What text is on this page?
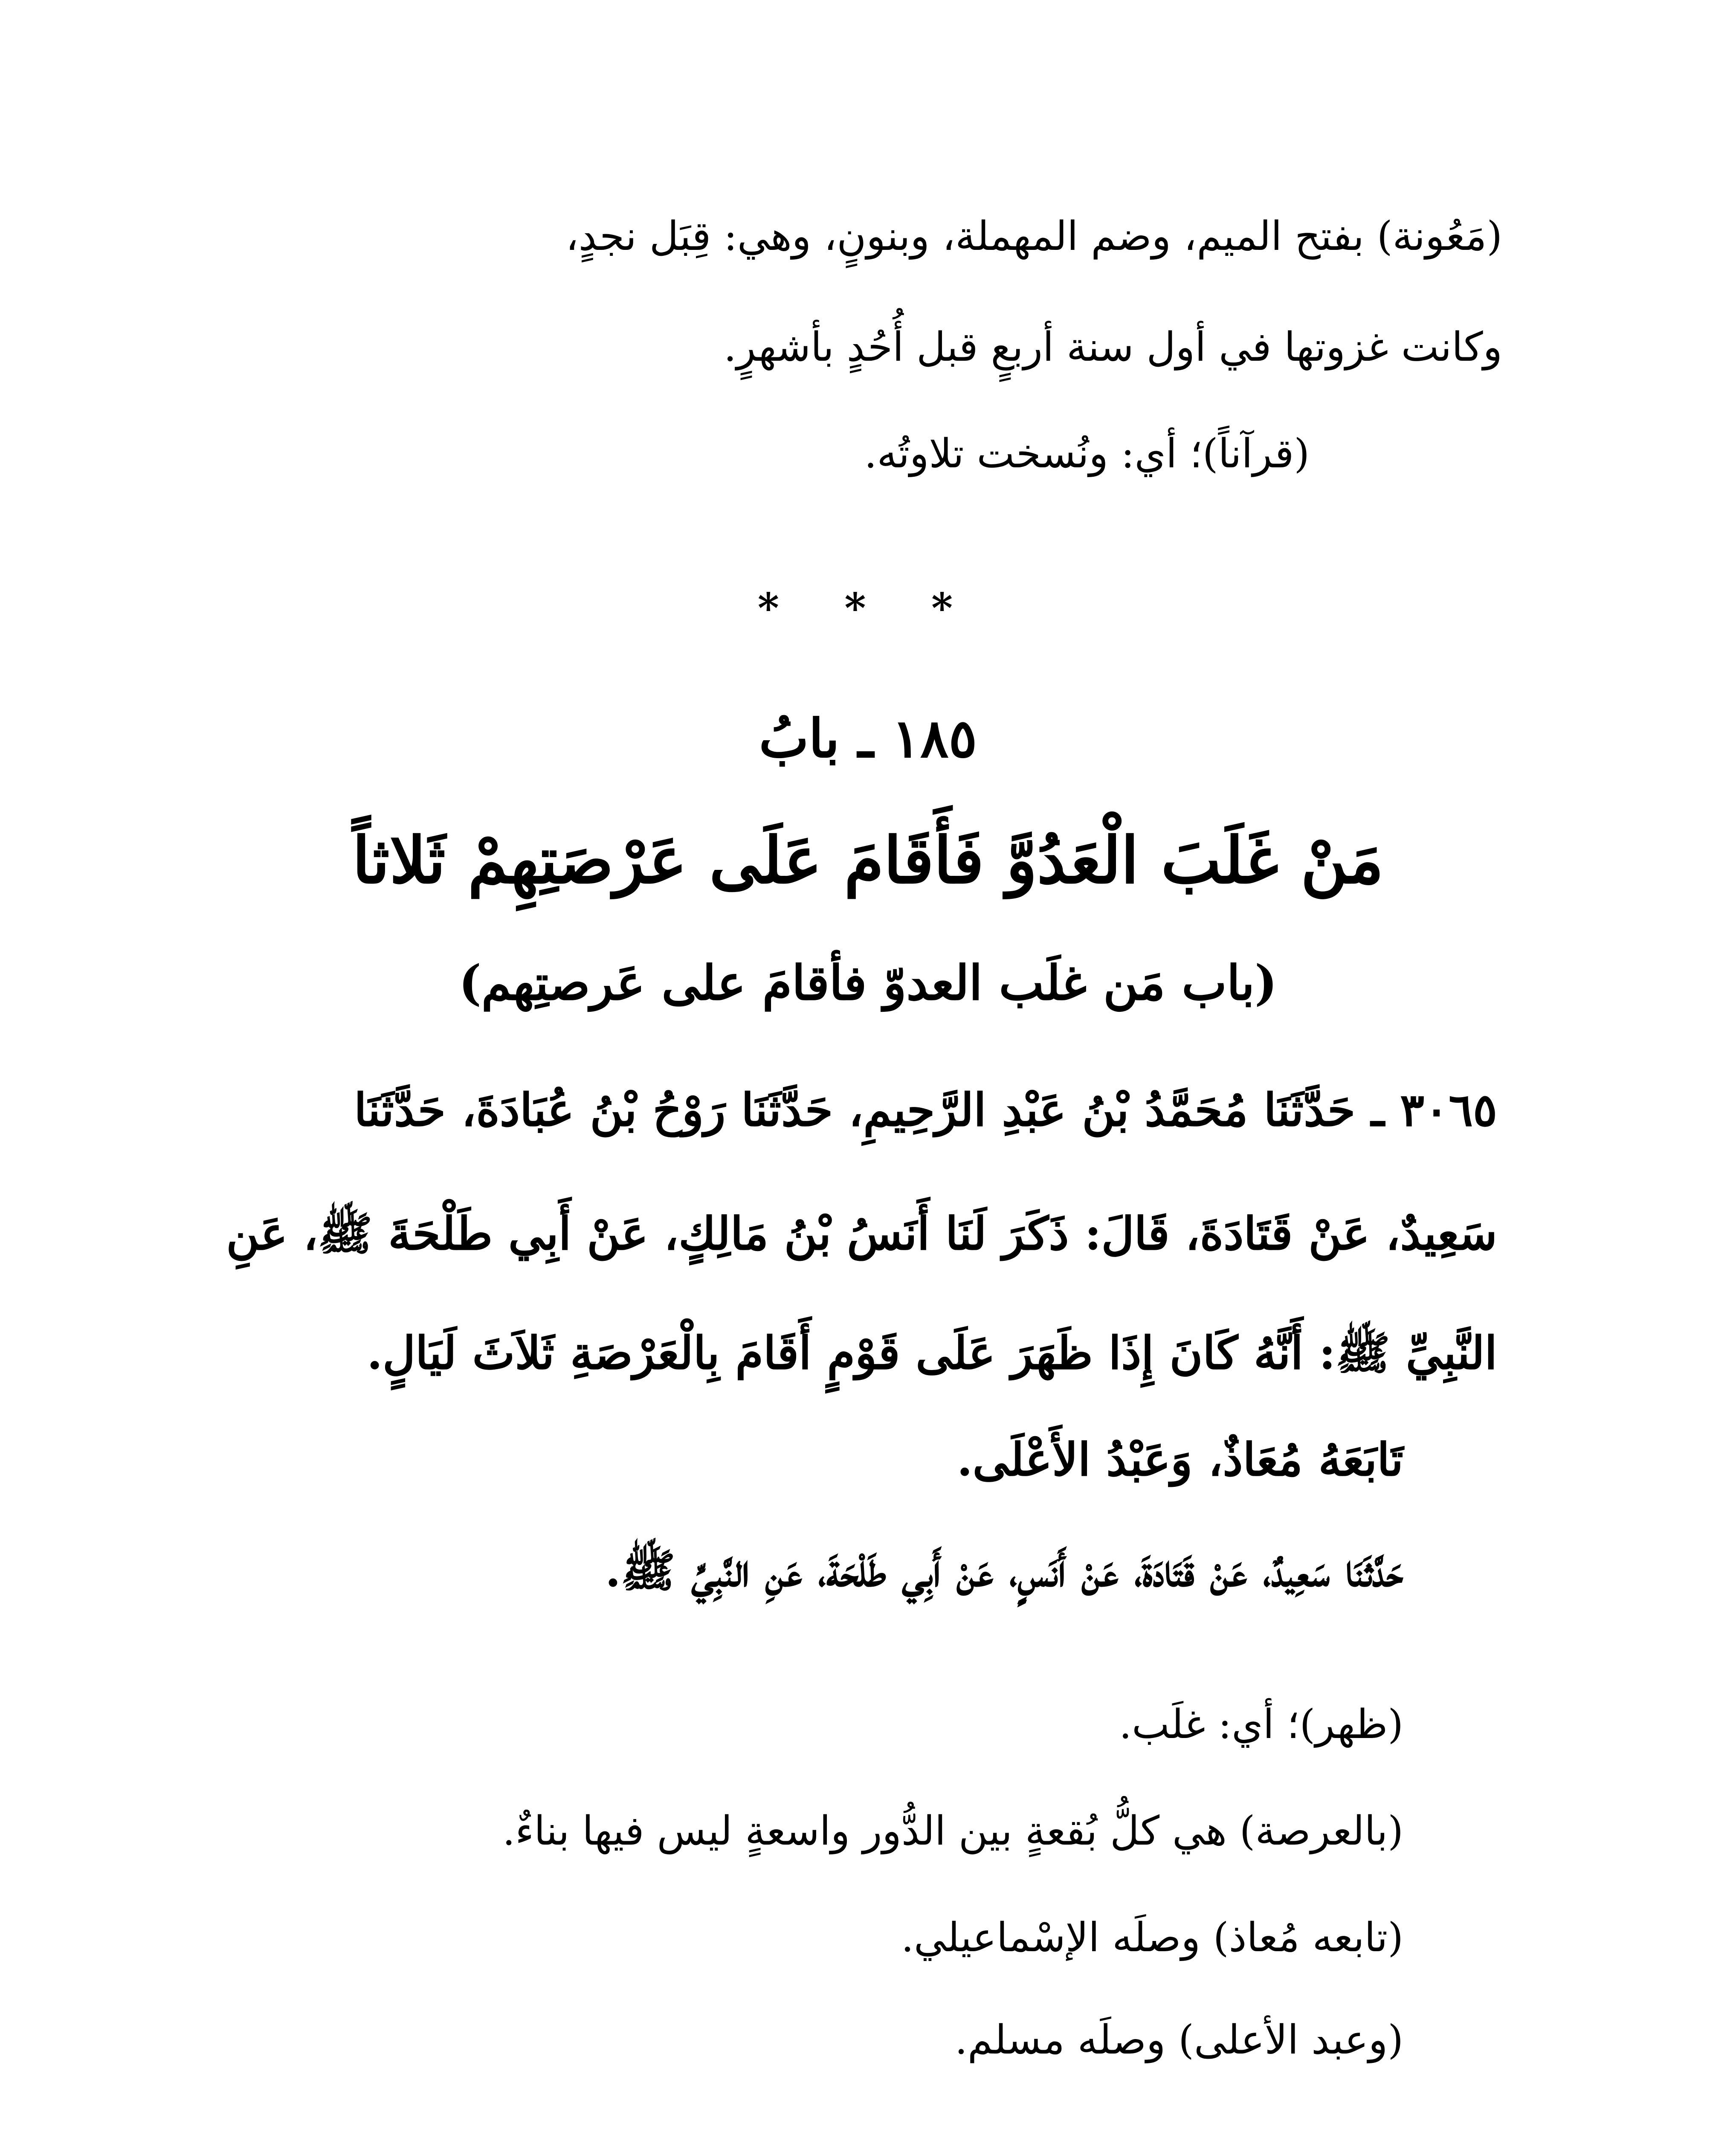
(مَعُونة) بفتح الميم، وضم المهملة، وبنونٍ، وهي: قِبَل نجدٍ،
وكانت غزوتها في أول سنة أربعٍ قبل أُحُدٍ بأشهرٍ.
(قرآناً)؛ أي: ونُسخت تلاوتُه.
* * *
١٨٥ ـ بابُ
مَنْ غَلَبَ الْعَدُوَّ فَأَقَامَ عَلَى عَرْصَتِهِمْ ثَلاثاً
(باب مَن غلَب العدوّ فأقامَ على عَرصتِهم)
٣٠٦٥ ـ حَدَّثَنَا مُحَمَّدُ بْنُ عَبْدِ الرَّحِيمِ، حَدَّثَنَا رَوْحُ بْنُ عُبَادَةَ، حَدَّثَنَا
سَعِيدٌ، عَنْ قَتَادَةَ، قَالَ: ذَكَرَ لَنَا أَنَسُ بْنُ مَالِكٍ، عَنْ أَبِي طَلْحَةَ ﷺ، عَنِ
النَّبِيِّ ﷺ: أَنَّهُ كَانَ إِذَا ظَهَرَ عَلَى قَوْمٍ أَقَامَ بِالْعَرْصَةِ ثَلاَثَ لَيَالٍ.
تَابَعَهُ مُعَاذٌ، وَعَبْدُ الأَعْلَى.
حَدَّثَنَا سَعِيدٌ، عَنْ قَتَادَةَ، عَنْ أَنَسٍ، عَنْ أَبِي طَلْحَةَ، عَنِ النَّبِيِّ ﷺ.
(ظهر)؛ أي: غلَب.
(بالعرصة) هي كلُّ بُقعةٍ بين الدُّور واسعةٍ ليس فيها بناءٌ.
(تابعه مُعاذ) وصلَه الإسْماعيلي.
(وعبد الأعلى) وصلَه مسلم.
